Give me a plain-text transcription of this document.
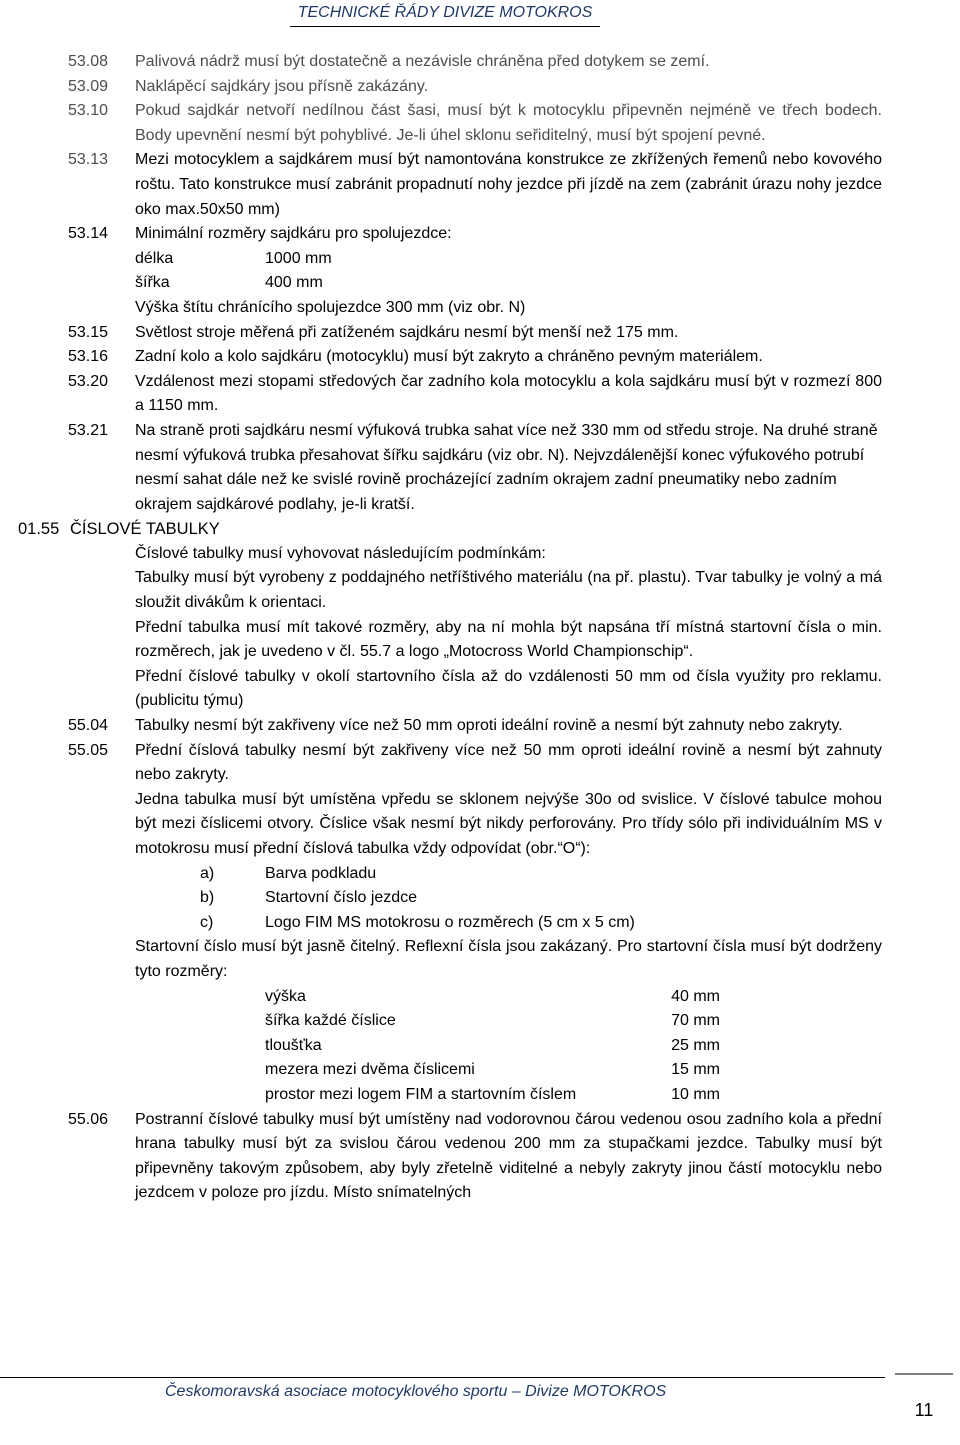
TECHNICKÉ ŘÁDY DIVIZE MOTOKROS
53.08 Palivová nádrž musí být dostatečně a nezávisle chráněna před dotykem se zemí.
53.09 Naklápěcí sajdkáry jsou přísně zakázány.
53.10 Pokud sajdkár netvoří nedílnou část šasi, musí být k motocyklu připevněn nejméně ve třech bodech. Body upevnění nesmí být pohyblivé. Je-li úhel sklonu seřiditelný, musí být spojení pevné.
53.13 Mezi motocyklem a sajdkárem musí být namontována konstrukce ze zkřížených řemenů nebo kovového roštu. Tato konstrukce musí zabránit propadnutí nohy jezdce při jízdě na zem (zabránit úrazu nohy jezdce oko max.50x50 mm)
53.14 Minimální rozměry sajdkáru pro spolujezdce:
délka	1000 mm
šířka	400 mm
Výška štítu chránícího spolujezdce 300 mm (viz obr. N)
53.15 Světlost stroje měřená při zatíženém sajdkáru nesmí být menší než 175 mm.
53.16 Zadní kolo a kolo sajdkáru (motocyklu) musí být zakryto a chráněno pevným materiálem.
53.20 Vzdálenost mezi stopami středových čar zadního kola motocyklu a kola sajdkáru musí být v rozmezí 800 a 1150 mm.
53.21 Na straně proti sajdkáru nesmí výfuková trubka sahat více než 330 mm od středu stroje. Na druhé straně nesmí výfuková trubka přesahovat šířku sajdkáru (viz obr. N). Nejvzdálenější konec výfukového potrubí nesmí sahat dále než ke svislé rovině procházející zadním okrajem zadní pneumatiky nebo zadním okrajem sajdkárové podlahy, je-li kratší.
01.55 ČÍSLOVÉ TABULKY
Číslové tabulky musí vyhovovat následujícím podmínkám:
Tabulky musí být vyrobeny z poddajného netříštivého materiálu (na př. plastu). Tvar tabulky je volný a má sloužit divákům k orientaci.
Přední tabulka musí mít takové rozměry, aby na ní mohla být napsána tří místná startovní čísla o min. rozměrech, jak je uvedeno v čl. 55.7 a logo „Motocross World Championschip“.
Přední číslové tabulky v okolí startovního čísla až do vzdálenosti 50 mm od čísla využity pro reklamu.(publicitu týmu)
55.04 Tabulky nesmí být zakřiveny více než 50 mm oproti ideální rovině a nesmí být zahnuty nebo zakryty.
55.05 Přední číslová tabulky nesmí být zakřiveny více než 50 mm oproti ideální rovině a nesmí být zahnuty nebo zakryty.
Jedna tabulka musí být umístěna vpředu se sklonem nejvýše 30o od svislice. V číslové tabulce mohou být mezi číslicemi otvory. Číslice však nesmí být nikdy perforovány. Pro třídy sólo při individuálním MS v motokrosu musí přední číslová tabulka vždy odpovídat (obr.“O“):
a)	Barva podkladu
b)	Startovní číslo jezdce
c)	Logo FIM MS motokrosu o rozměrech (5 cm x 5 cm)
Startovní číslo musí být jasně čitelný. Reflexní čísla jsou zakázaný. Pro startovní čísla musí být dodrženy tyto rozměry:
výška	40 mm
šířka každé číslice	70 mm
tloušťka	25 mm
mezera mezi dvěma číslicemi	15 mm
prostor mezi logem FIM a startovním číslem	10 mm
55.06 Postranní číslové tabulky musí být umístěny nad vodorovnou čárou vedenou osou zadního kola a přední hrana tabulky musí být za svislou čárou vedenou 200 mm za stupačkami jezdce. Tabulky musí být připevněny takovým způsobem, aby byly zřetelně viditelné a nebyly zakryty jinou částí motocyklu nebo jezdcem v poloze pro jízdu. Místo snímatelných
Českomoravská asociace motocyklového sportu – Divize MOTOKROS
11
